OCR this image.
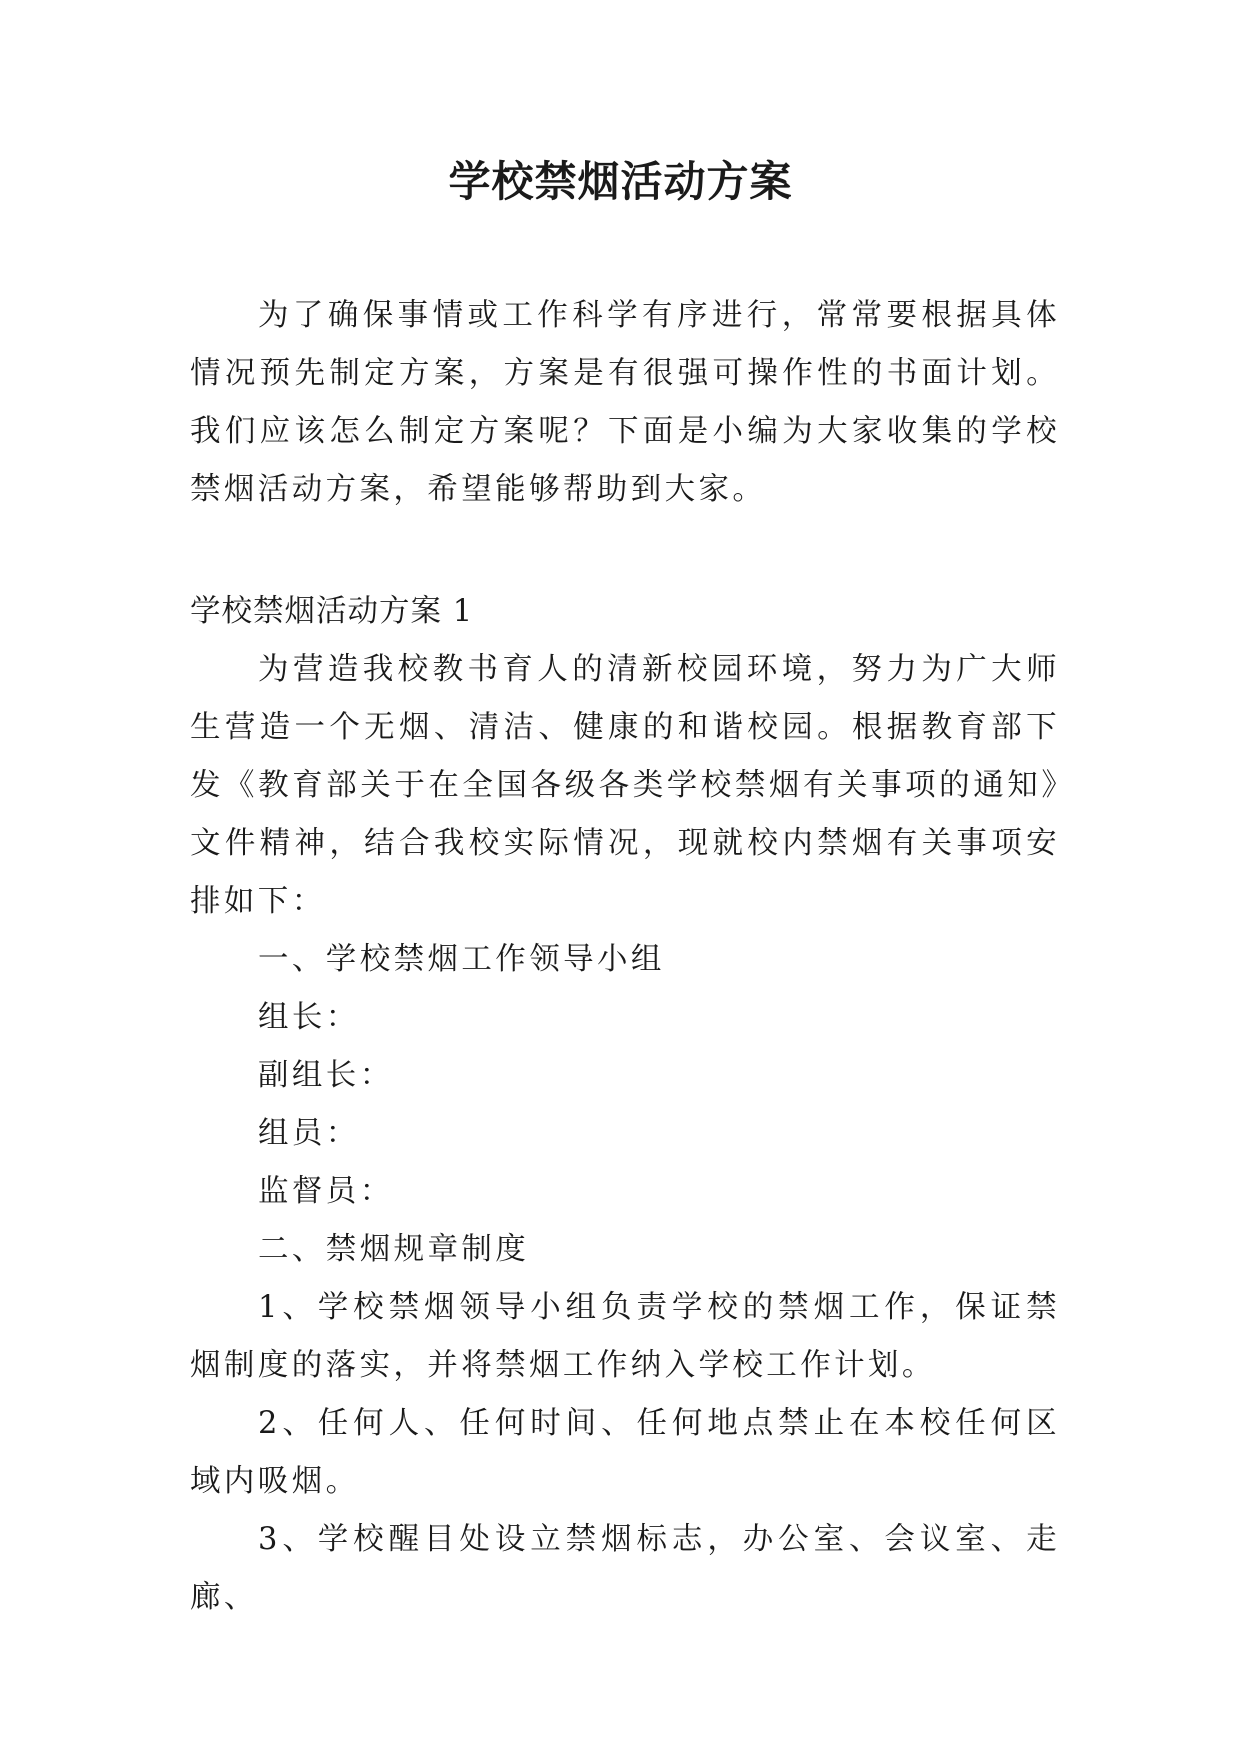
学校禁烟活动方案

为了确保事情或工作科学有序进行，常常要根据具体情况预先制定方案，方案是有很强可操作性的书面计划。我们应该怎么制定方案呢？下面是小编为大家收集的学校禁烟活动方案，希望能够帮助到大家。

学校禁烟活动方案 1

为营造我校教书育人的清新校园环境，努力为广大师生营造一个无烟、清洁、健康的和谐校园。根据教育部下发《教育部关于在全国各级各类学校禁烟有关事项的通知》文件精神，结合我校实际情况，现就校内禁烟有关事项安排如下：

一、学校禁烟工作领导小组

组长：

副组长：

组员：

监督员：

二、禁烟规章制度

1、学校禁烟领导小组负责学校的禁烟工作，保证禁烟制度的落实，并将禁烟工作纳入学校工作计划。

2、任何人、任何时间、任何地点禁止在本校任何区域内吸烟。

3、学校醒目处设立禁烟标志，办公室、会议室、走廊、
